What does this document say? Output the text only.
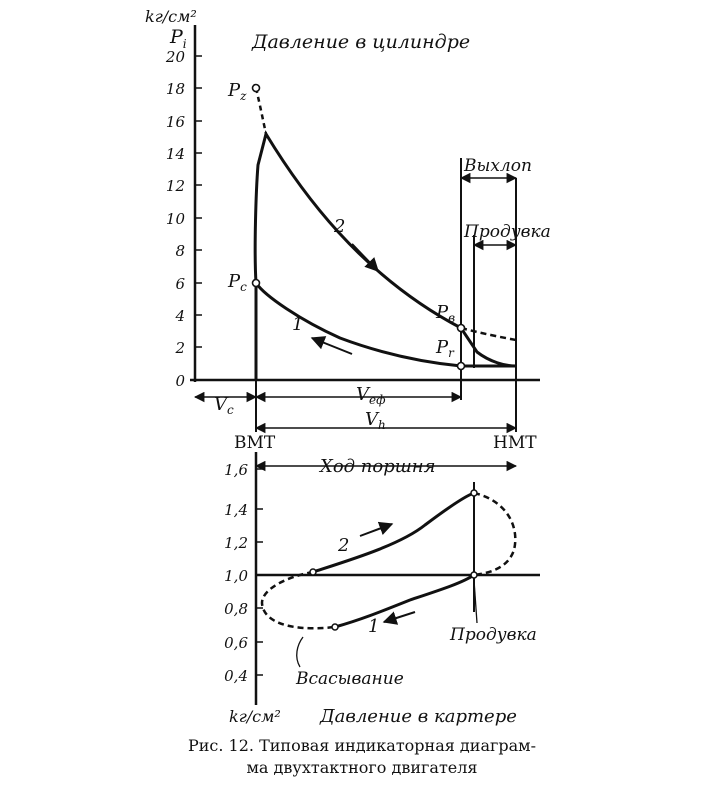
kг/см²
$P_i$	Давление в цилиндре
0
2
4
6
8
10
12
14
16
18
20
$P_z$
$P_c$
$P_в$
$P_r$
2
1
Выхлоп
Продувка
$V_c$
$V_{еф}$
$V_h$
ВМТ	НМТ
Ход поршня
0,4
0,6
0,8
1,0
1,2
1,4
1,6
2
1	Продувка
Всасывание
kг/см² Давление в картере
Рис. 12. Типовая индикаторная диаграм-
ма двухтактного двигателя
